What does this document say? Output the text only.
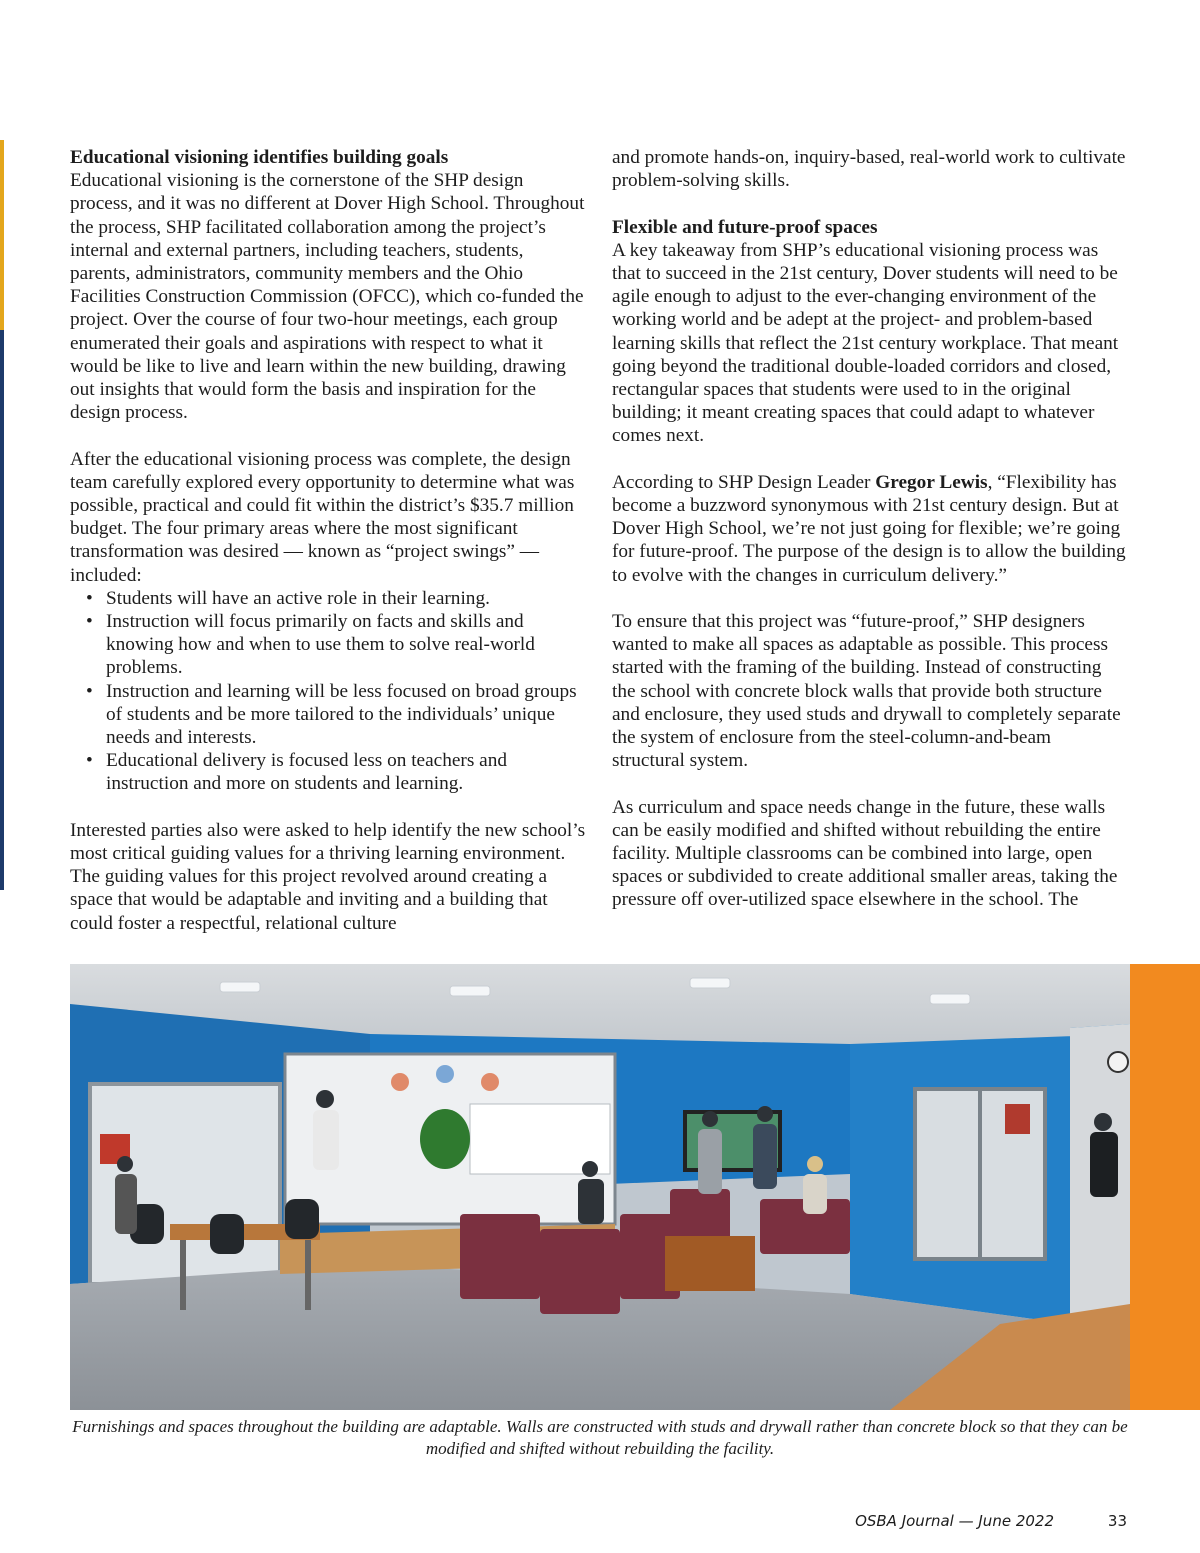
Educational visioning identifies building goals

Educational visioning is the cornerstone of the SHP design process, and it was no different at Dover High School. Throughout the process, SHP facilitated collaboration among the project’s internal and external partners, including teachers, students, parents, administrators, community members and the Ohio Facilities Construction Commission (OFCC), which co-funded the project. Over the course of four two-hour meetings, each group enumerated their goals and aspirations with respect to what it would be like to live and learn within the new building, drawing out insights that would form the basis and inspiration for the design process.

After the educational visioning process was complete, the design team carefully explored every opportunity to determine what was possible, practical and could fit within the district’s $35.7 million budget. The four primary areas where the most significant transformation was desired — known as “project swings” — included:

• Students will have an active role in their learning.
• Instruction will focus primarily on facts and skills and knowing how and when to use them to solve real-world problems.
• Instruction and learning will be less focused on broad groups of students and be more tailored to the individuals’ unique needs and interests.
• Educational delivery is focused less on teachers and instruction and more on students and learning.

Interested parties also were asked to help identify the new school’s most critical guiding values for a thriving learning environment. The guiding values for this project revolved around creating a space that would be adaptable and inviting and a building that could foster a respectful, relational culture

and promote hands-on, inquiry-based, real-world work to cultivate problem-solving skills.

Flexible and future-proof spaces

A key takeaway from SHP’s educational visioning process was that to succeed in the 21st century, Dover students will need to be agile enough to adjust to the ever-changing environment of the working world and be adept at the project- and problem-based learning skills that reflect the 21st century workplace. That meant going beyond the traditional double-loaded corridors and closed, rectangular spaces that students were used to in the original building; it meant creating spaces that could adapt to whatever comes next.

According to SHP Design Leader Gregor Lewis, “Flexibility has become a buzzword synonymous with 21st century design. But at Dover High School, we’re not just going for flexible; we’re going for future-proof. The purpose of the design is to allow the building to evolve with the changes in curriculum delivery.”

To ensure that this project was “future-proof,” SHP designers wanted to make all spaces as adaptable as possible. This process started with the framing of the building. Instead of constructing the school with concrete block walls that provide both structure and enclosure, they used studs and drywall to completely separate the system of enclosure from the steel-column-and-beam structural system.

As curriculum and space needs change in the future, these walls can be easily modified and shifted without rebuilding the entire facility. Multiple classrooms can be combined into large, open spaces or subdivided to create additional smaller areas, taking the pressure off over-utilized space elsewhere in the school. The

Furnishings and spaces throughout the building are adaptable. Walls are constructed with studs and drywall rather than concrete block so that they can be modified and shifted without rebuilding the facility.
OSBA Journal — June 2022	33
